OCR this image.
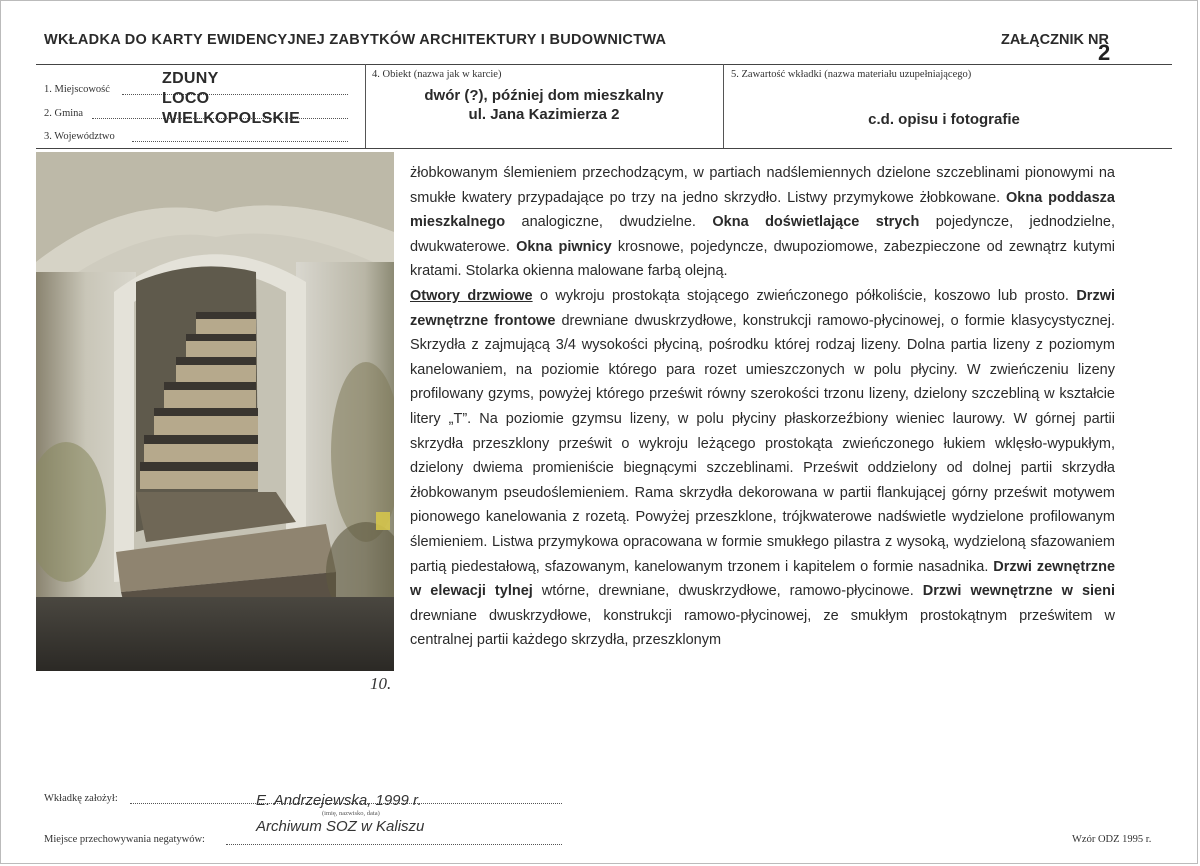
WKŁADKA DO KARTY EWIDENCYJNEJ ZABYTKÓW ARCHITEKTURY I BUDOWNICTWA	ZAŁĄCZNIK NR
2
1. Miejscowość
ZDUNY
2. Gmina
LOCO
3. Województwo
WIELKOPOLSKIE
4. Obiekt (nazwa jak w karcie)
dwór (?), później dom mieszkalny
ul. Jana Kazimierza 2
5. Zawartość wkładki (nazwa materiału uzupełniającego)
c.d. opisu i fotografie
10.
żłobkowanym ślemieniem przechodzącym, w partiach nadślemiennych dzielone szczeblinami pionowymi na smukłe kwatery przypadające po trzy na jedno skrzydło. Listwy przymykowe żłobkowane. Okna poddasza mieszkalnego analogiczne, dwudzielne. Okna doświetlające strych pojedyncze, jednodzielne, dwukwaterowe. Okna piwnicy krosnowe, pojedyncze, dwupoziomowe, zabezpieczone od zewnątrz kutymi kratami. Stolarka okienna malowane farbą olejną.
Otwory drzwiowe o wykroju prostokąta stojącego zwieńczonego półkoliście, koszowo lub prosto. Drzwi zewnętrzne frontowe drewniane dwuskrzydłowe, konstrukcji ramowo-płycinowej, o formie klasycystycznej. Skrzydła z zajmującą 3/4 wysokości płyciną, pośrodku której rodzaj lizeny. Dolna partia lizeny z poziomym kanelowaniem, na poziomie którego para rozet umieszczonych w polu płyciny. W zwieńczeniu lizeny profilowany gzyms, powyżej którego prześwit równy szerokości trzonu lizeny, dzielony szczebliną w kształcie litery „T”. Na poziomie gzymsu lizeny, w polu płyciny płaskorzeźbiony wieniec laurowy. W górnej partii skrzydła przeszklony prześwit o wykroju leżącego prostokąta zwieńczonego łukiem wklęsło-wypukłym, dzielony dwiema promieniście biegnącymi szczeblinami. Prześwit oddzielony od dolnej partii skrzydła żłobkowanym pseudoślemieniem. Rama skrzydła dekorowana w partii flankującej górny prześwit motywem pionowego kanelowania z rozetą. Powyżej przeszklone, trójkwaterowe nadświetle wydzielone profilowanym ślemieniem. Listwa przymykowa opracowana w formie smukłego pilastra z wysoką, wydzieloną sfazowaniem partią piedestałową, sfazowanym, kanelowanym trzonem i kapitelem o formie nasadnika. Drzwi zewnętrzne w elewacji tylnej wtórne, drewniane, dwuskrzydłowe, ramowo-płycinowe. Drzwi wewnętrzne w sieni drewniane dwuskrzydłowe, konstrukcji ramowo-płycinowej, ze smukłym prostokątnym prześwitem w centralnej partii każdego skrzydła, przeszklonym
Wkładkę założył:	E. Andrzejewska, 1999 r.
(imię, nazwisko, data)
Miejsce przechowywania negatywów:
Archiwum SOZ w Kaliszu
Wzór ODZ 1995 r.
